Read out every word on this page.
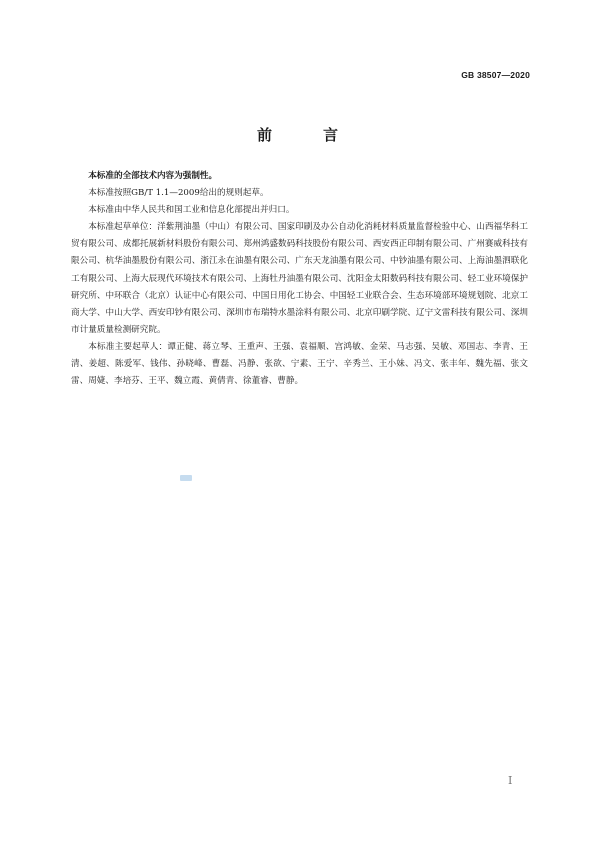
GB 38507—2020
前　言

本标准的全部技术内容为强制性。

本标准按照GB/T 1.1—2009给出的规则起草。

本标准由中华人民共和国工业和信息化部提出并归口。

本标准起草单位：洋紫荆油墨（中山）有限公司、国家印刷及办公自动化消耗材料质量监督检验中心、山西福华科工贸有限公司、成都托展新材料股份有限公司、郑州鸿盛数码科技股份有限公司、西安西正印制有限公司、广州赛威科技有限公司、杭华油墨股份有限公司、浙江永在油墨有限公司、广东天龙油墨有限公司、中钞油墨有限公司、上海油墨泗联化工有限公司、上海大辰现代环境技术有限公司、上海牡丹油墨有限公司、沈阳金太阳数码科技有限公司、轻工业环境保护研究所、中环联合（北京）认证中心有限公司、中国日用化工协会、中国轻工业联合会、生态环境部环境规划院、北京工商大学、中山大学、西安印钞有限公司、深圳市布瑞特水墨涂料有限公司、北京印刷学院、辽宁文雷科技有限公司、深圳市计量质量检测研究院。

本标准主要起草人：谭正健、蒋立琴、王重声、王强、袁福顺、宫鸿敏、金荣、马志强、吴敏、邓国志、李青、王清、姜超、陈爱军、钱伟、孙晓峰、曹磊、冯静、张欲、宁素、王宁、辛秀兰、王小妹、冯文、张丰年、魏先福、张文雷、周婕、李培芬、王平、魏立霞、黄倩青、徐董睿、曹静。

I
